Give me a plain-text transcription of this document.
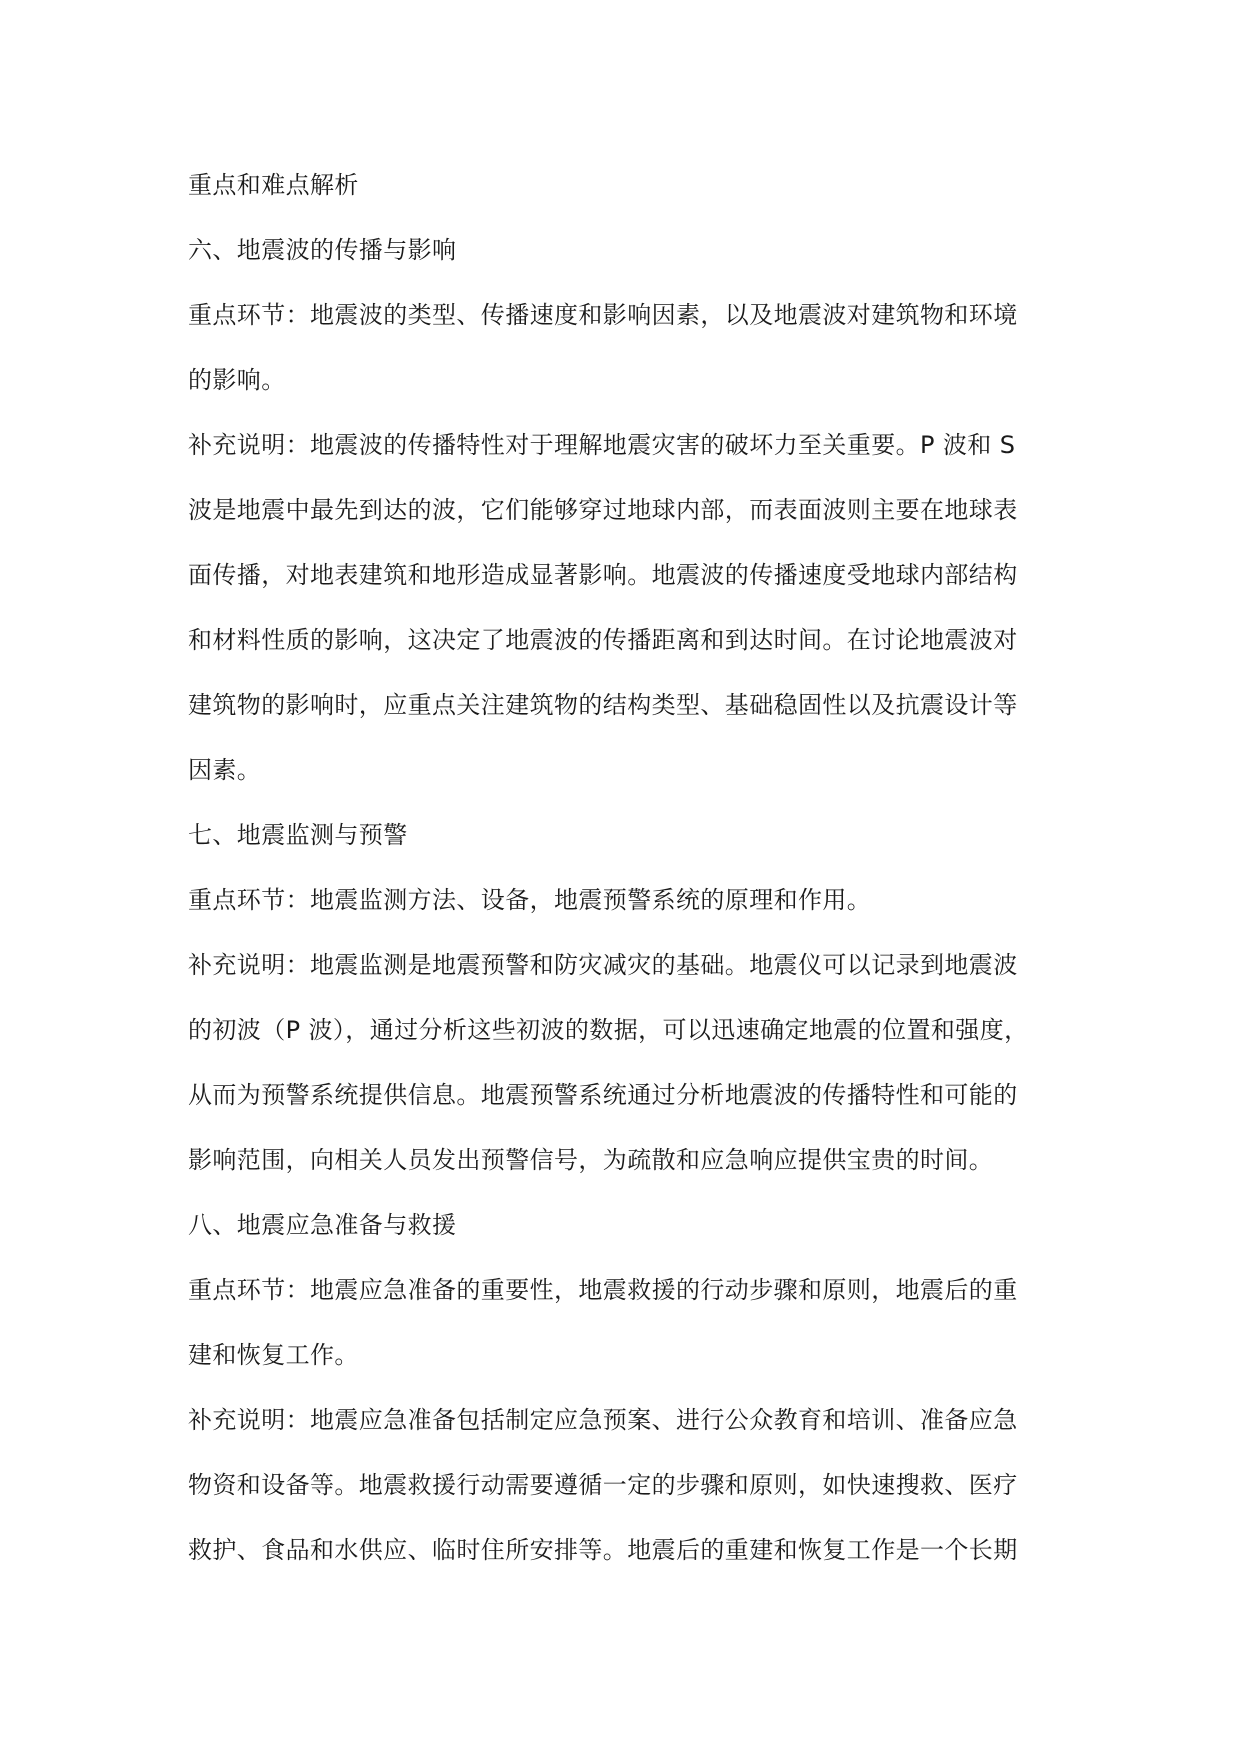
重点和难点解析
六、地震波的传播与影响
重点环节：地震波的类型、传播速度和影响因素，以及地震波对建筑物和环境
的影响。
补充说明：地震波的传播特性对于理解地震灾害的破坏力至关重要。P 波和 S
波是地震中最先到达的波，它们能够穿过地球内部，而表面波则主要在地球表
面传播，对地表建筑和地形造成显著影响。地震波的传播速度受地球内部结构
和材料性质的影响，这决定了地震波的传播距离和到达时间。在讨论地震波对
建筑物的影响时，应重点关注建筑物的结构类型、基础稳固性以及抗震设计等
因素。
七、地震监测与预警
重点环节：地震监测方法、设备，地震预警系统的原理和作用。
补充说明：地震监测是地震预警和防灾减灾的基础。地震仪可以记录到地震波
的初波（P 波），通过分析这些初波的数据，可以迅速确定地震的位置和强度，
从而为预警系统提供信息。地震预警系统通过分析地震波的传播特性和可能的
影响范围，向相关人员发出预警信号，为疏散和应急响应提供宝贵的时间。
八、地震应急准备与救援
重点环节：地震应急准备的重要性，地震救援的行动步骤和原则，地震后的重
建和恢复工作。
补充说明：地震应急准备包括制定应急预案、进行公众教育和培训、准备应急
物资和设备等。地震救援行动需要遵循一定的步骤和原则，如快速搜救、医疗
救护、食品和水供应、临时住所安排等。地震后的重建和恢复工作是一个长期
